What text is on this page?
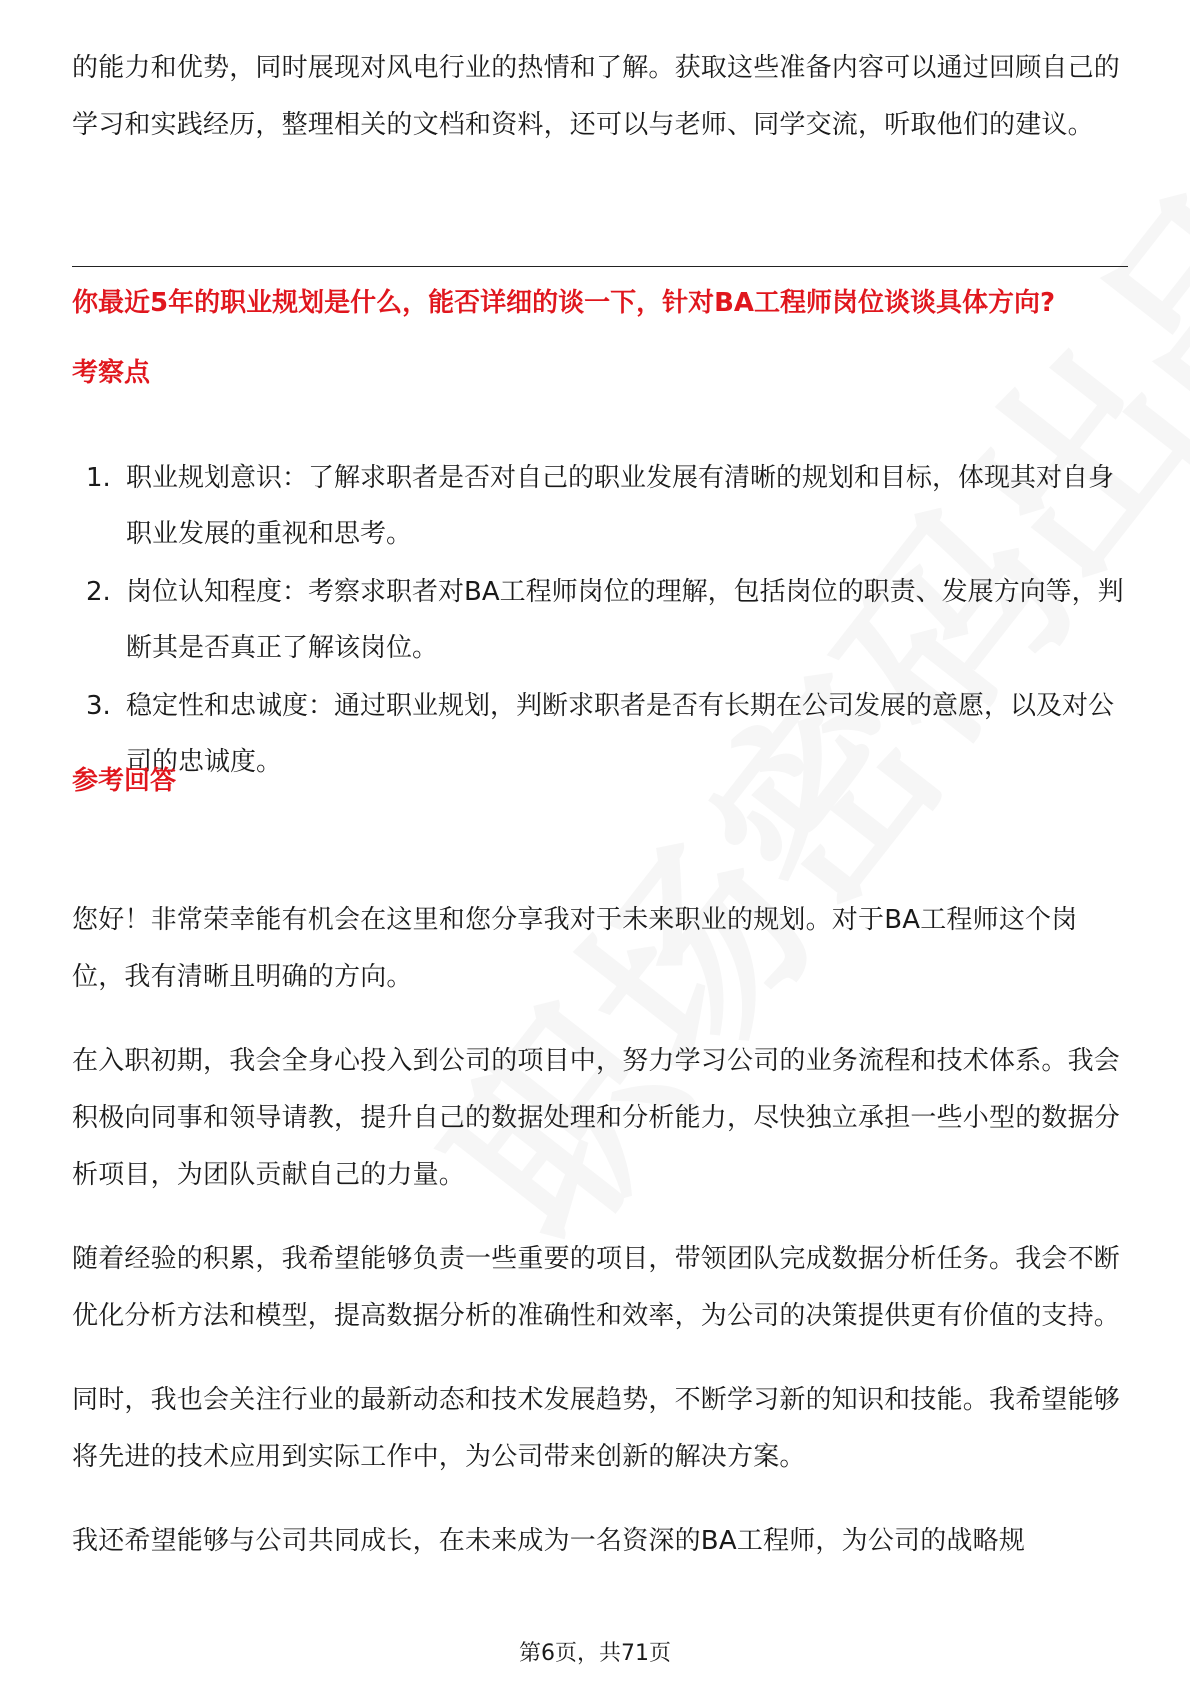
的能力和优势，同时展现对风电行业的热情和了解。获取这些准备内容可以通过回顾自己的学习和实践经历，整理相关的文档和资料，还可以与老师、同学交流，听取他们的建议。

你最近5年的职业规划是什么，能否详细的谈一下，针对BA工程师岗位谈谈具体方向?

考察点

1. 职业规划意识：了解求职者是否对自己的职业发展有清晰的规划和目标，体现其对自身职业发展的重视和思考。
2. 岗位认知程度：考察求职者对BA工程师岗位的理解，包括岗位的职责、发展方向等，判断其是否真正了解该岗位。
3. 稳定性和忠诚度：通过职业规划，判断求职者是否有长期在公司发展的意愿，以及对公司的忠诚度。

参考回答

您好！非常荣幸能有机会在这里和您分享我对于未来职业的规划。对于BA工程师这个岗位，我有清晰且明确的方向。

在入职初期，我会全身心投入到公司的项目中，努力学习公司的业务流程和技术体系。我会积极向同事和领导请教，提升自己的数据处理和分析能力，尽快独立承担一些小型的数据分析项目，为团队贡献自己的力量。

随着经验的积累，我希望能够负责一些重要的项目，带领团队完成数据分析任务。我会不断优化分析方法和模型，提高数据分析的准确性和效率，为公司的决策提供更有价值的支持。

同时，我也会关注行业的最新动态和技术发展趋势，不断学习新的知识和技能。我希望能够将先进的技术应用到实际工作中，为公司带来创新的解决方案。

我还希望能够与公司共同成长，在未来成为一名资深的BA工程师，为公司的战略规

第6页，共71页
